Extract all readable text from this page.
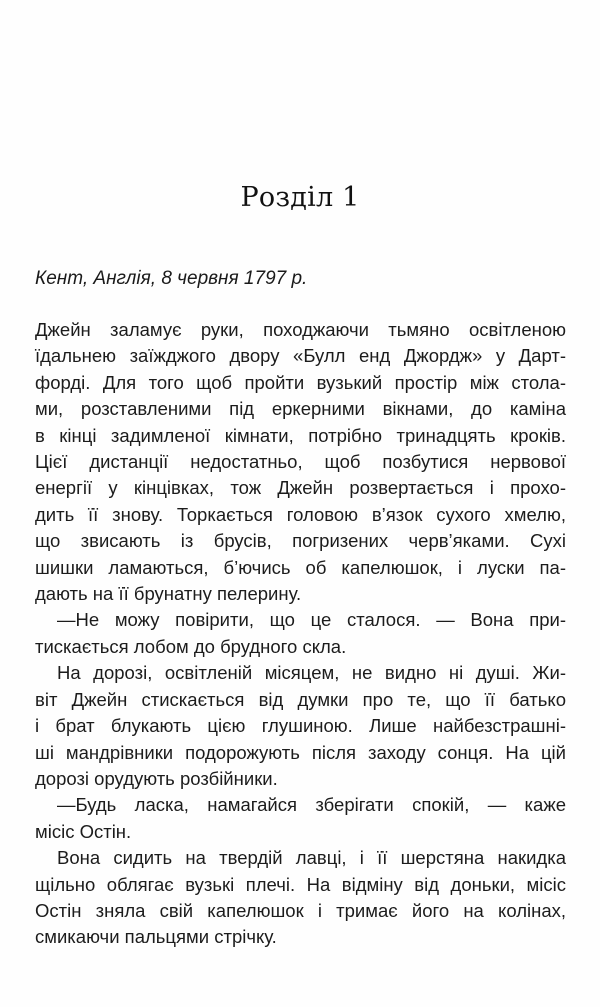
Розділ 1
Кент, Англія, 8 червня 1797 р.
Джейн заламує руки, походжаючи тьмяно освітленою
їдальнею заїжджого двору «Булл енд Джордж» у Дарт-
форді. Для того щоб пройти вузький простір між стола-
ми, розставленими під еркерними вікнами, до каміна
в кінці задимленої кімнати, потрібно тринадцять кроків.
Цієї дистанції недостатньо, щоб позбутися нервової
енергії у кінцівках, тож Джейн розвертається і прохо-
дить її знову. Торкається головою в’язок сухого хмелю,
що звисають із брусів, погризених черв’яками. Сухі
шишки ламаються, б’ючись об капелюшок, і луски па-
дають на її брунатну пелерину.
—Не можу повірити, що це сталося. — Вона при-
тискається лобом до брудного скла.
На дорозі, освітленій місяцем, не видно ні душі. Жи-
віт Джейн стискається від думки про те, що її батько
і брат блукають цією глушиною. Лише найбезстрашні-
ші мандрівники подорожують після заходу сонця. На цій
дорозі орудують розбійники.
—Будь ласка, намагайся зберігати спокій, — каже
місіс Остін.
Вона сидить на твердій лавці, і її шерстяна накидка
щільно облягає вузькі плечі. На відміну від доньки, місіс
Остін зняла свій капелюшок і тримає його на колінах,
смикаючи пальцями стрічку.
